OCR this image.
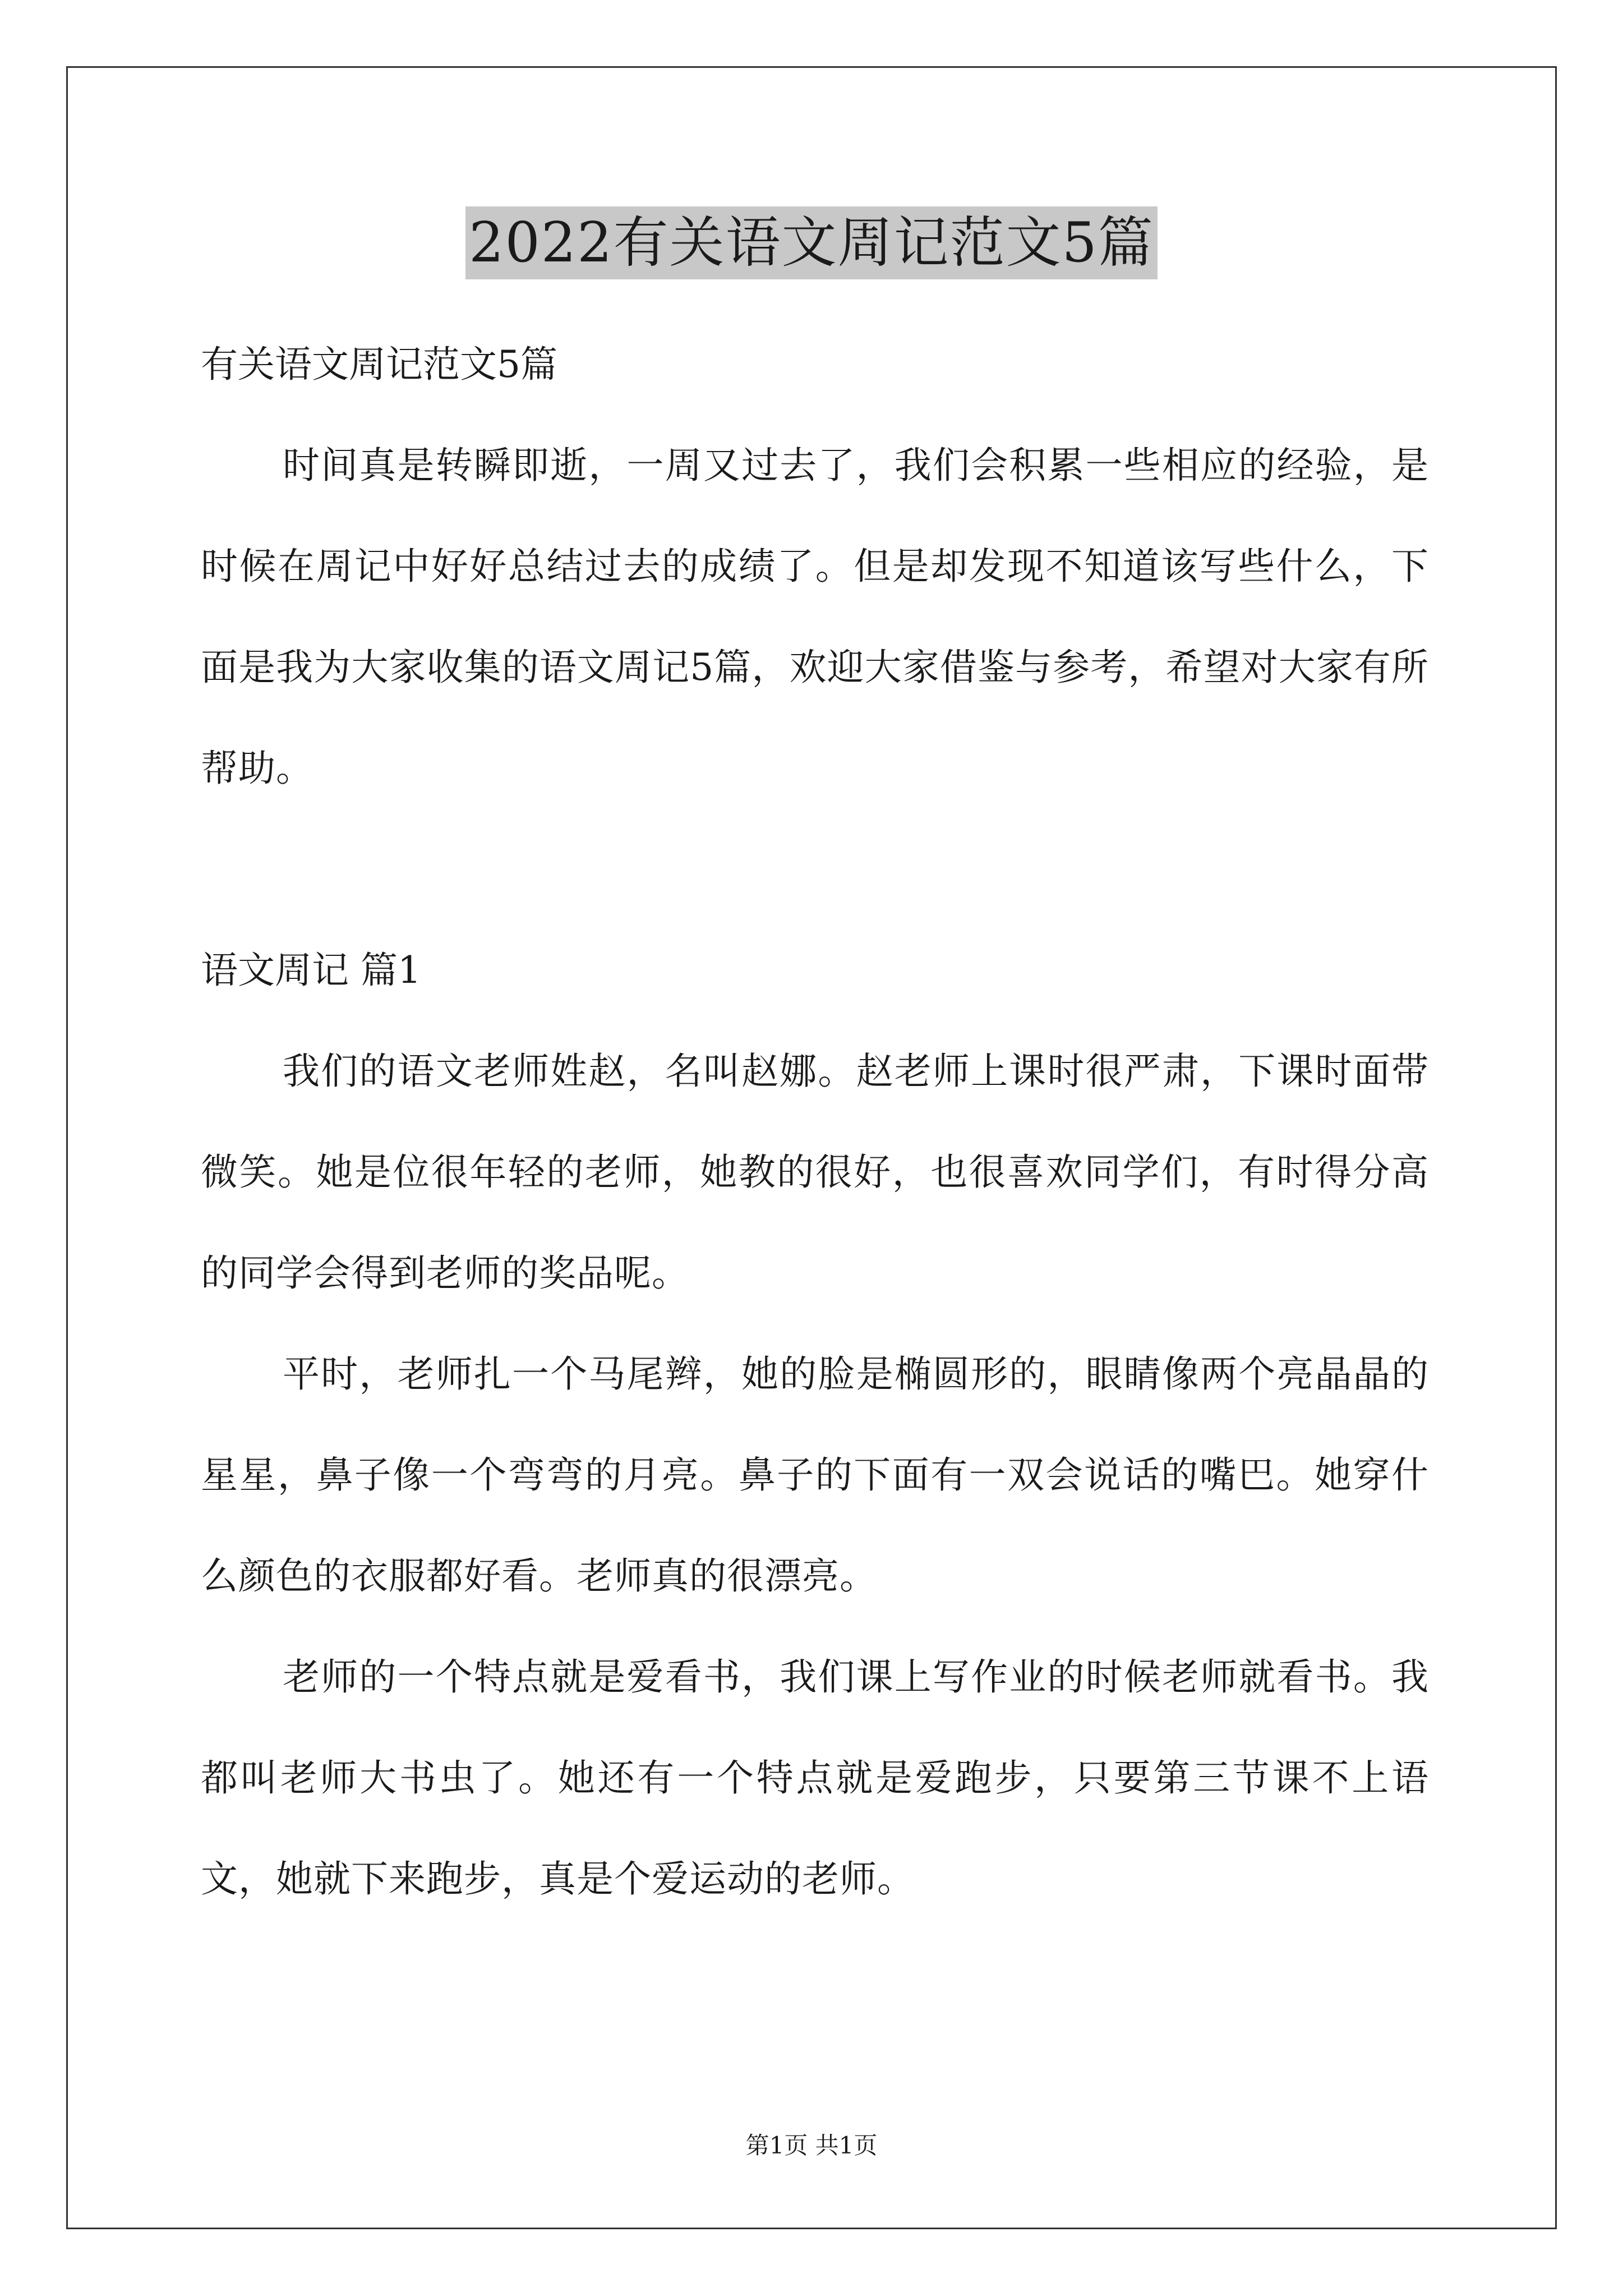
2022有关语文周记范文5篇

有关语文周记范文5篇

时间真是转瞬即逝，一周又过去了，我们会积累一些相应的经验，是时候在周记中好好总结过去的成绩了。但是却发现不知道该写些什么，下面是我为大家收集的语文周记5篇，欢迎大家借鉴与参考，希望对大家有所帮助。

语文周记 篇1

我们的语文老师姓赵，名叫赵娜。赵老师上课时很严肃，下课时面带微笑。她是位很年轻的老师，她教的很好，也很喜欢同学们，有时得分高的同学会得到老师的奖品呢。

平时，老师扎一个马尾辫，她的脸是椭圆形的，眼睛像两个亮晶晶的星星，鼻子像一个弯弯的月亮。鼻子的下面有一双会说话的嘴巴。她穿什么颜色的衣服都好看。老师真的很漂亮。

老师的一个特点就是爱看书，我们课上写作业的时候老师就看书。我都叫老师大书虫了。她还有一个特点就是爱跑步，只要第三节课不上语文，她就下来跑步，真是个爱运动的老师。

第1页 共1页
